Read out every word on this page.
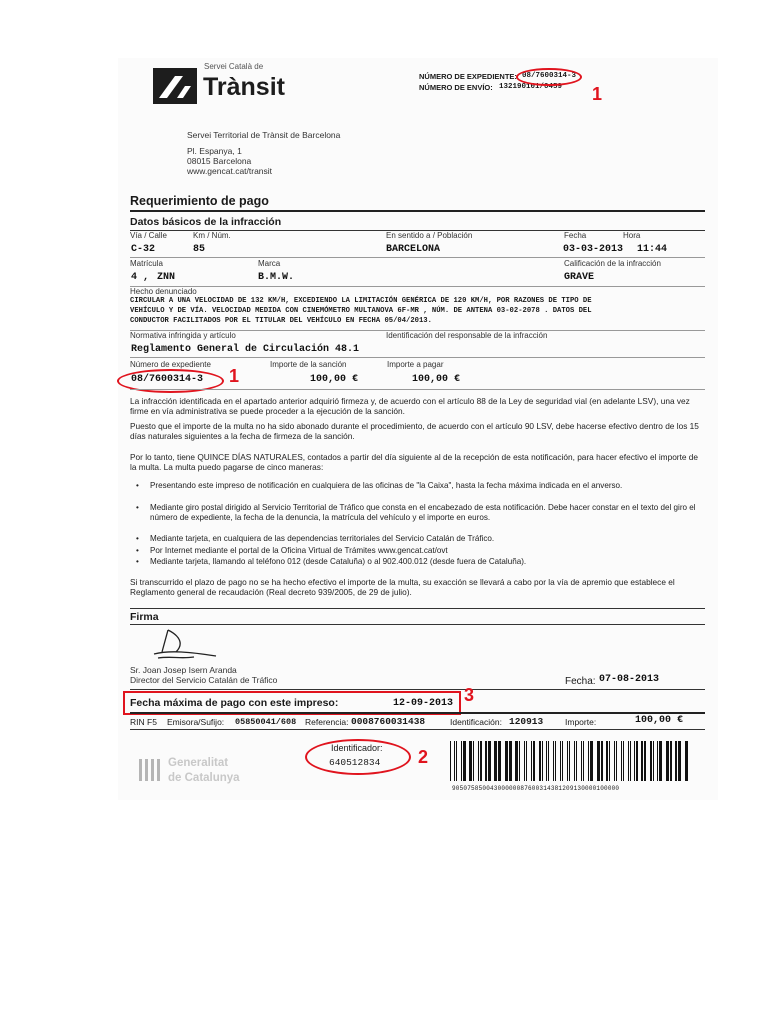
Servei Català de
Trànsit	NÚMERO DE EXPEDIENTE: 08/7600314-3
NÚMERO DE ENVÍO: 132190101/0459 1
Servei Territorial de Trànsit de Barcelona
Pl. Espanya, 1
08015 Barcelona
www.gencat.cat/transit
Requerimiento de pago
Datos básicos de la infracción
Vía / Calle	Km / Núm.	En sentido a / Población	Fecha	Hora
C-32	85	BARCELONA	03-03-2013 11:44
Matrícula	Marca	Calificación de la infracción
4 ,  ZNN	B.M.W.	GRAVE
Hecho denunciado
CIRCULAR A UNA VELOCIDAD DE 132 KM/H, EXCEDIENDO LA LIMITACIÓN GENÉRICA DE 120 KM/H, POR RAZONES DE TIPO DE
VEHÍCULO Y DE VÍA. VELOCIDAD MEDIDA CON CINEMÓMETRO MULTANOVA 6F-MR , NÚM. DE ANTENA 03-02-2078 . DATOS DEL
CONDUCTOR FACILITADOS POR EL TITULAR DEL VEHÍCULO EN FECHA 05/04/2013.
Normativa infringida y artículo	Identificación del responsable de la infracción
Reglamento General de Circulación 48.1
Número de expediente	Importe de la sanción	Importe a pagar
08/7600314-3	100,00 €	100,00 €
1
La infracción identificada en el apartado anterior adquirió firmeza y, de acuerdo con el artículo 88 de la Ley de seguridad vial (en adelante LSV), una vez firme en vía administrativa se puede proceder a la ejecución de la sanción.
Puesto que el importe de la multa no ha sido abonado durante el procedimiento, de acuerdo con el artículo 90 LSV, debe hacerse efectivo dentro de los 15 días naturales siguientes a la fecha de firmeza de la sanción.
Por lo tanto, tiene QUINCE DÍAS NATURALES, contados a partir del día siguiente al de la recepción de esta notificación, para hacer efectivo el importe de la multa. La multa puedo pagarse de cinco maneras:
• Presentando este impreso de notificación en cualquiera de las oficinas de "la Caixa", hasta la fecha máxima indicada en el anverso.
• Mediante giro postal dirigido al Servicio Territorial de Tráfico que consta en el encabezado de esta notificación. Debe hacer constar en el texto del giro el número de expediente, la fecha de la denuncia, la matrícula del vehículo y el importe en euros.
• Mediante tarjeta, en cualquiera de las dependencias territoriales del Servicio Catalán de Tráfico.
• Por Internet mediante el portal de la Oficina Virtual de Trámites www.gencat.cat/ovt
• Mediante tarjeta, llamando al teléfono 012 (desde Cataluña) o al 902.400.012 (desde fuera de Cataluña).
Si transcurrido el plazo de pago no se ha hecho efectivo el importe de la multa, su exacción se llevará a cabo por la vía de apremio que establece el Reglamento general de recaudación (Real decreto 939/2005, de 29 de julio).
Firma
Sr. Joan Josep Isern Aranda
Director del Servicio Catalán de Tráfico	Fecha: 07-08-2013
Fecha máxima de pago con este impreso:	12-09-2013 3
RIN F5 Emisora/Sufijo: 05850041/608 Referencia: 0008760031438	Identificación: 120913	Importe:	100,00 €
Identificador:
640512834 2
Generalitat
de Catalunya
90507585004300000087600314381209130000100000
